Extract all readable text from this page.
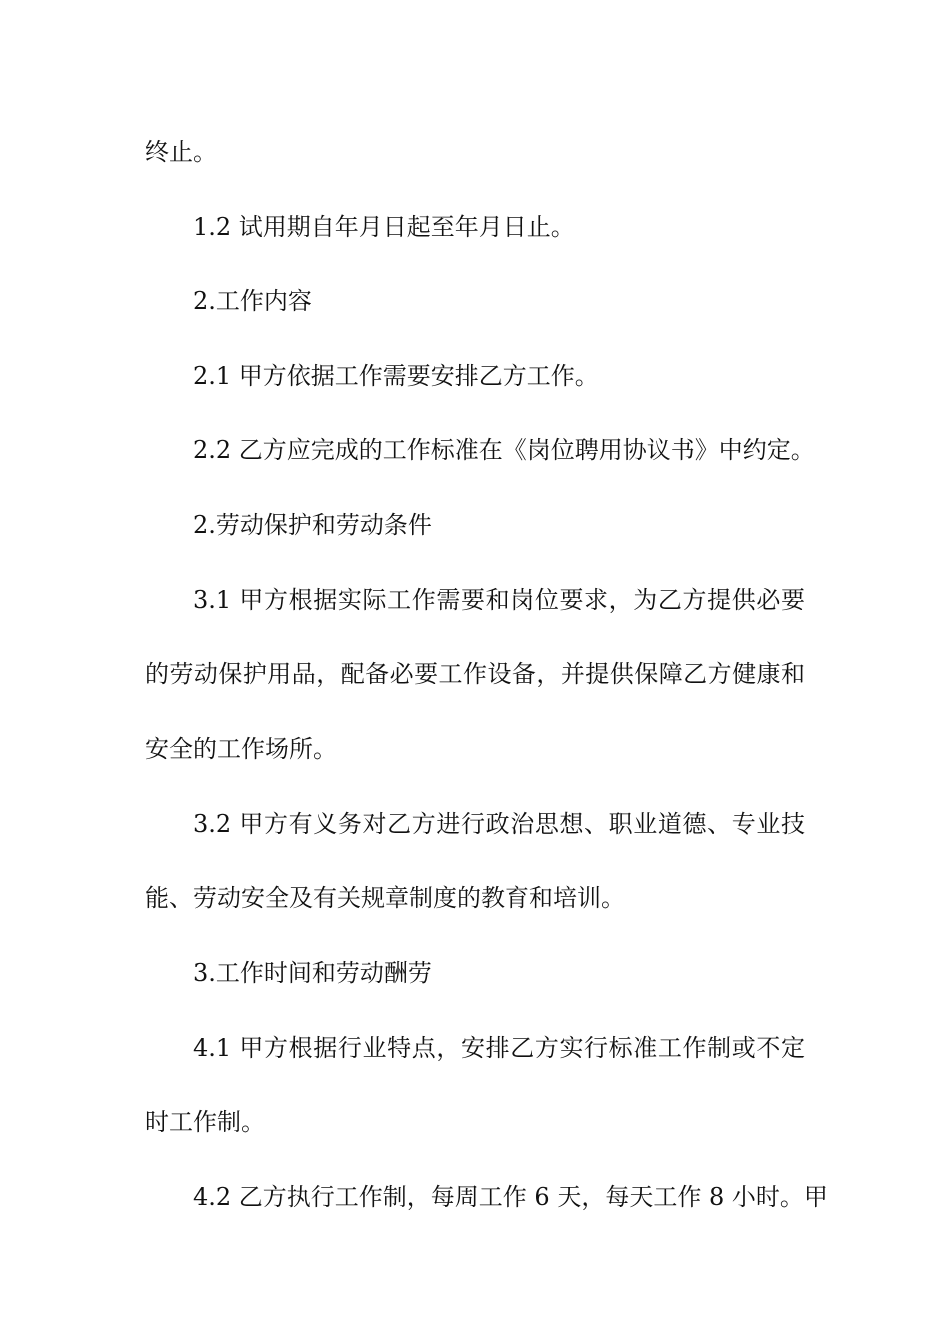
终止。
1.2 试用期自年月日起至年月日止。
2.工作内容
2.1 甲方依据工作需要安排乙方工作。
2.2 乙方应完成的工作标准在《岗位聘用协议书》中约定。
2.劳动保护和劳动条件
3.1 甲方根据实际工作需要和岗位要求，为乙方提供必要
的劳动保护用品，配备必要工作设备，并提供保障乙方健康和
安全的工作场所。
3.2 甲方有义务对乙方进行政治思想、职业道德、专业技
能、劳动安全及有关规章制度的教育和培训。
3.工作时间和劳动酬劳
4.1 甲方根据行业特点，安排乙方实行标准工作制或不定
时工作制。
4.2 乙方执行工作制，每周工作 6 天，每天工作 8 小时。甲
